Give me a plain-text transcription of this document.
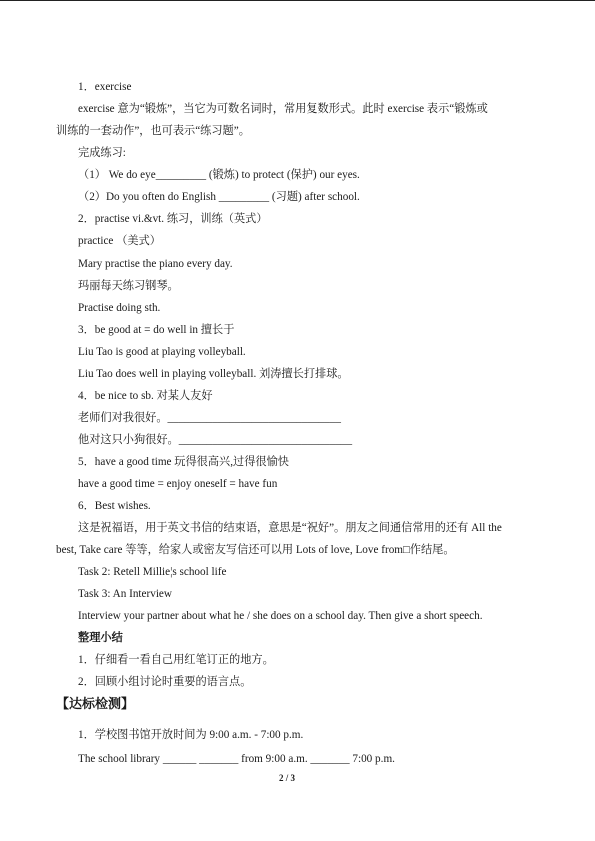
1．exercise
exercise 意为“锻炼”，当它为可数名词时，常用复数形式。此时 exercise 表示“锻炼或
训练的一套动作”，也可表示“练习题”。
完成练习:
（1） We do eye_________ (锻炼) to protect (保护) our eyes.
（2）Do you often do English _________ (习题) after school.
2．practise vi.&vt. 练习，训练（英式）
practice （美式）
Mary practise the piano every day.
玛丽每天练习钢琴。
Practise doing sth.
3．be good at = do well in 擅长于
Liu Tao is good at playing volleyball.
Liu Tao does well in playing volleyball. 刘涛擅长打排球。
4．be nice to sb. 对某人友好
老师们对我很好。_______________________________
他对这只小狗很好。_______________________________
5．have a good time 玩得很高兴,过得很愉快
have a good time = enjoy oneself = have fun
6．Best wishes.
这是祝福语，用于英文书信的结束语，意思是“祝好”。朋友之间通信常用的还有 All the
best, Take care 等等，给家人或密友写信还可以用 Lots of love, Love from□作结尾。
Task 2: Retell Millie¦s school life
Task 3: An Interview
Interview your partner about what he / she does on a school day. Then give a short speech.
整理小结
1．仔细看一看自己用红笔订正的地方。
2．回顾小组讨论时重要的语言点。
【达标检测】
1．学校图书馆开放时间为 9:00 a.m. - 7:00 p.m.
The school library ______ _______ from 9:00 a.m. _______ 7:00 p.m.
2 / 3
